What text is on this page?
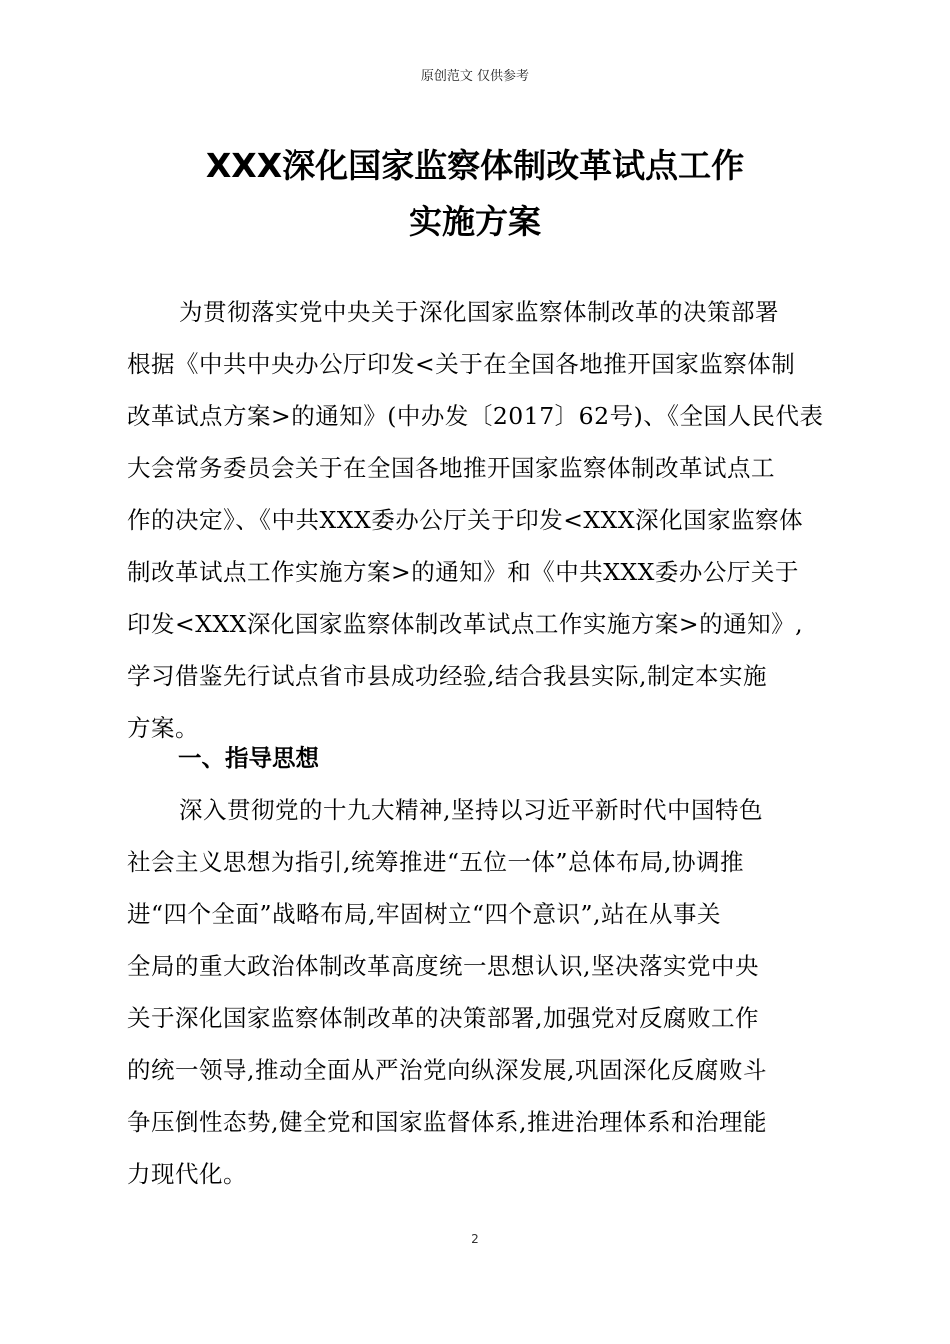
原创范文 仅供参考
XXX深化国家监察体制改革试点工作
实施方案
为贯彻落实党中央关于深化国家监察体制改革的决策部署
根据《中共中央办公厅印发<关于在全国各地推开国家监察体制
改革试点方案>的通知》(中办发〔2017〕62号)、《全国人民代表
大会常务委员会关于在全国各地推开国家监察体制改革试点工
作的决定》、《中共XXX委办公厅关于印发<XXX深化国家监察体
制改革试点工作实施方案>的通知》和《中共XXX委办公厅关于
印发<XXX深化国家监察体制改革试点工作实施方案>的通知》,
学习借鉴先行试点省市县成功经验,结合我县实际,制定本实施
方案。
一、指导思想
深入贯彻党的十九大精神,坚持以习近平新时代中国特色
社会主义思想为指引,统筹推进“五位一体”总体布局,协调推
进“四个全面”战略布局,牢固树立“四个意识”,站在从事关
全局的重大政治体制改革高度统一思想认识,坚决落实党中央
关于深化国家监察体制改革的决策部署,加强党对反腐败工作
的统一领导,推动全面从严治党向纵深发展,巩固深化反腐败斗
争压倒性态势,健全党和国家监督体系,推进治理体系和治理能
力现代化。
2
